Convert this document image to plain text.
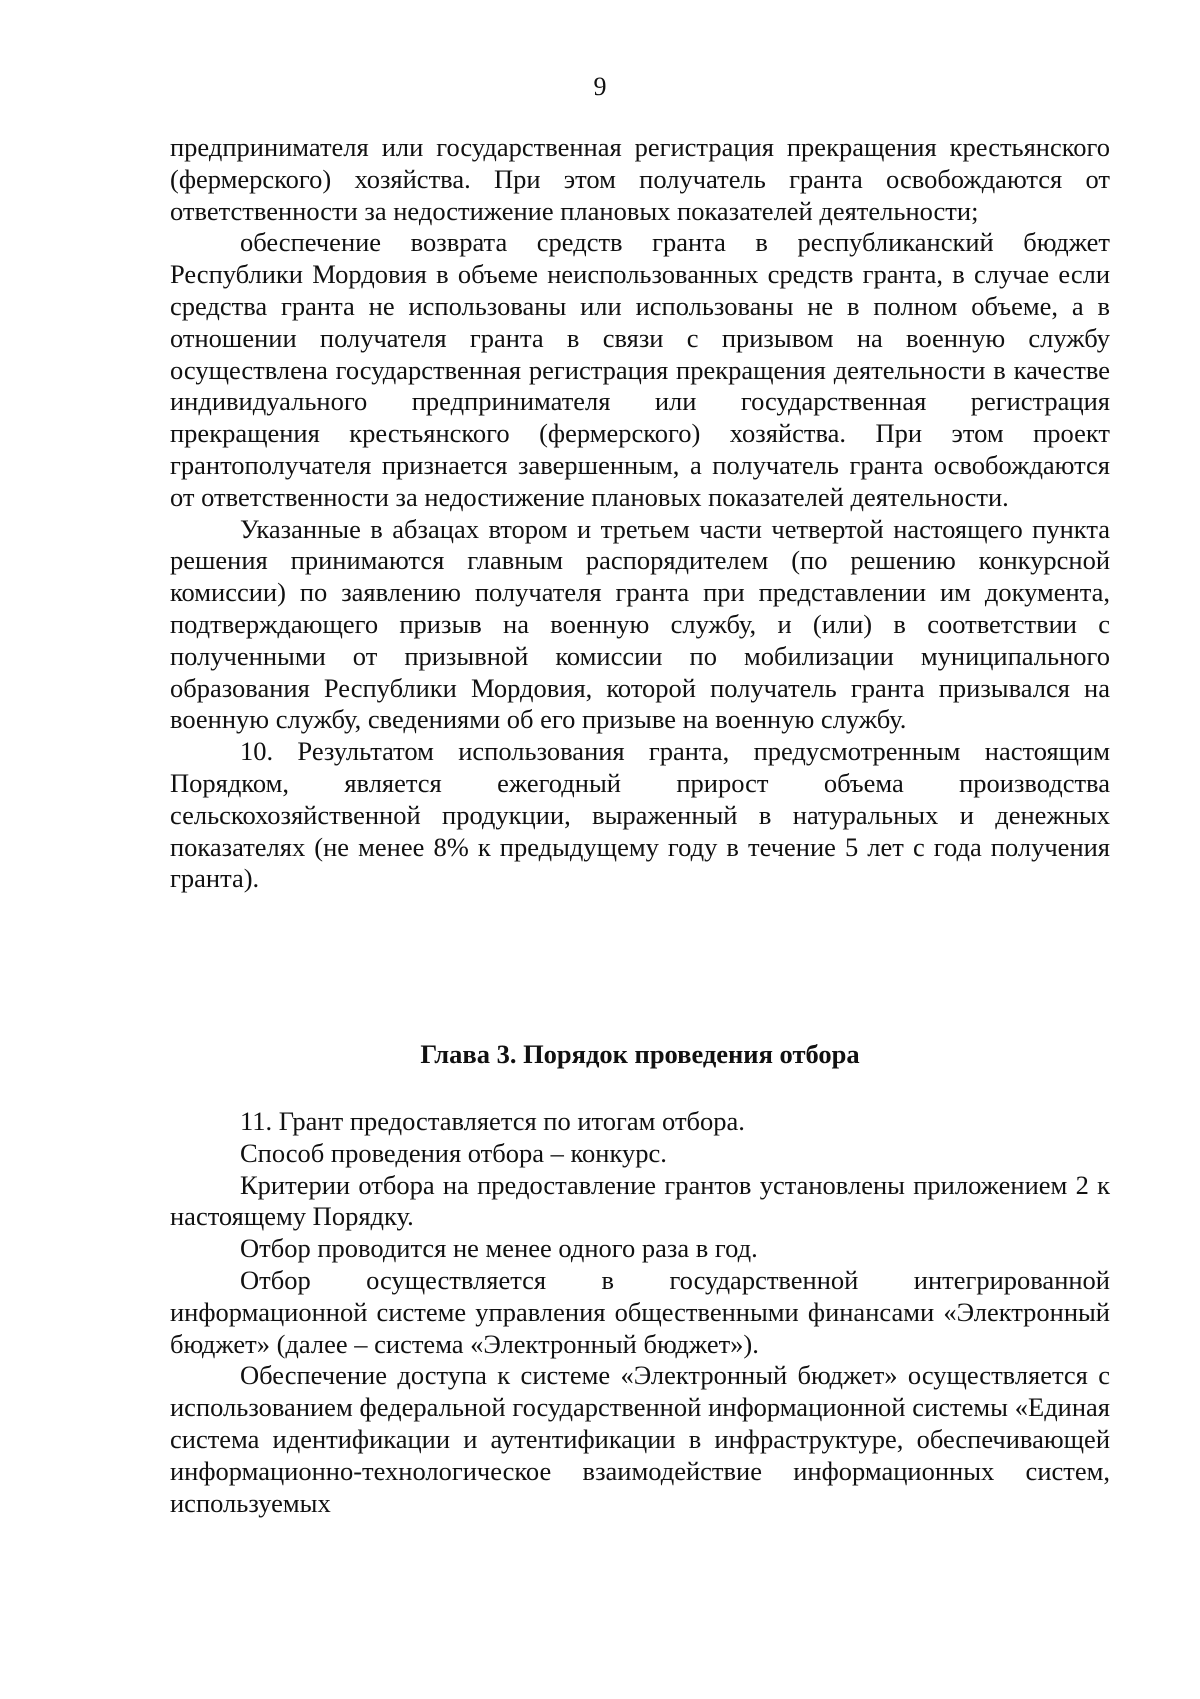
9

предпринимателя или государственная регистрация прекращения крестьянского (фермерского) хозяйства. При этом получатель гранта освобождаются от ответственности за недостижение плановых показателей деятельности;

обеспечение возврата средств гранта в республиканский бюджет Республики Мордовия в объеме неиспользованных средств гранта, в случае если средства гранта не использованы или использованы не в полном объеме, а в отношении получателя гранта в связи с призывом на военную службу осуществлена государственная регистрация прекращения деятельности в качестве индивидуального предпринимателя или государственная регистрация прекращения крестьянского (фермерского) хозяйства. При этом проект грантополучателя признается завершенным, а получатель гранта освобождаются от ответственности за недостижение плановых показателей деятельности.

Указанные в абзацах втором и третьем части четвертой настоящего пункта решения принимаются главным распорядителем (по решению конкурсной комиссии) по заявлению получателя гранта при представлении им документа, подтверждающего призыв на военную службу, и (или) в соответствии с полученными от призывной комиссии по мобилизации муниципального образования Республики Мордовия, которой получатель гранта призывался на военную службу, сведениями об его призыве на военную службу.

10. Результатом использования гранта, предусмотренным настоящим Порядком, является ежегодный прирост объема производства сельскохозяйственной продукции, выраженный в натуральных и денежных показателях (не менее 8% к предыдущему году в течение 5 лет с года получения гранта).

Глава 3. Порядок проведения отбора

11. Грант предоставляется по итогам отбора.

Способ проведения отбора – конкурс.

Критерии отбора на предоставление грантов установлены приложением 2 к настоящему Порядку.

Отбор проводится не менее одного раза в год.

Отбор осуществляется в государственной интегрированной информационной системе управления общественными финансами «Электронный бюджет» (далее – система «Электронный бюджет»).

Обеспечение доступа к системе «Электронный бюджет» осуществляется с использованием федеральной государственной информационной системы «Единая система идентификации и аутентификации в инфраструктуре, обеспечивающей информационно-технологическое взаимодействие информационных систем, используемых
